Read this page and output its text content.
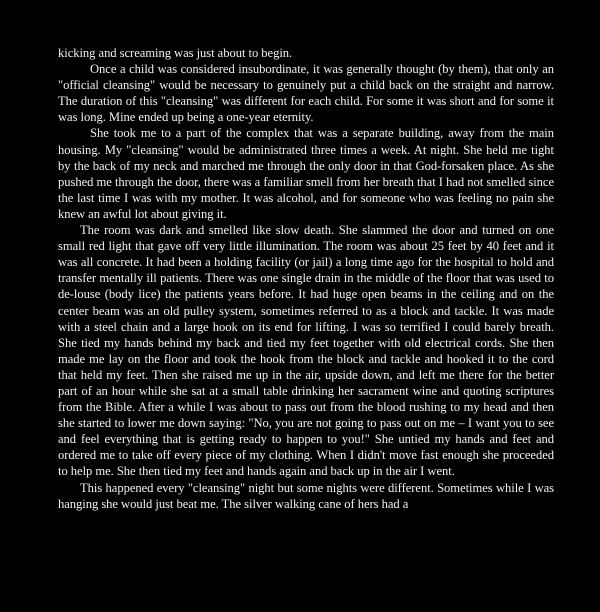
kicking and screaming was just about to begin.

Once a child was considered insubordinate, it was generally thought (by them), that only an "official cleansing" would be necessary to genuinely put a child back on the straight and narrow. The duration of this "cleansing" was different for each child. For some it was short and for some it was long. Mine ended up being a one-year eternity.

She took me to a part of the complex that was a separate building, away from the main housing. My "cleansing" would be administrated three times a week. At night. She held me tight by the back of my neck and marched me through the only door in that God-forsaken place. As she pushed me through the door, there was a familiar smell from her breath that I had not smelled since the last time I was with my mother. It was alcohol, and for someone who was feeling no pain she knew an awful lot about giving it.

The room was dark and smelled like slow death. She slammed the door and turned on one small red light that gave off very little illumination. The room was about 25 feet by 40 feet and it was all concrete. It had been a holding facility (or jail) a long time ago for the hospital to hold and transfer mentally ill patients. There was one single drain in the middle of the floor that was used to de-louse (body lice) the patients years before. It had huge open beams in the ceiling and on the center beam was an old pulley system, sometimes referred to as a block and tackle. It was made with a steel chain and a large hook on its end for lifting. I was so terrified I could barely breath. She tied my hands behind my back and tied my feet together with old electrical cords. She then made me lay on the floor and took the hook from the block and tackle and hooked it to the cord that held my feet. Then she raised me up in the air, upside down, and left me there for the better part of an hour while she sat at a small table drinking her sacrament wine and quoting scriptures from the Bible. After a while I was about to pass out from the blood rushing to my head and then she started to lower me down saying: "No, you are not going to pass out on me – I want you to see and feel everything that is getting ready to happen to you!" She untied my hands and feet and ordered me to take off every piece of my clothing. When I didn't move fast enough she proceeded to help me. She then tied my feet and hands again and back up in the air I went.

This happened every "cleansing" night but some nights were different. Sometimes while I was hanging she would just beat me. The silver walking cane of hers had a
